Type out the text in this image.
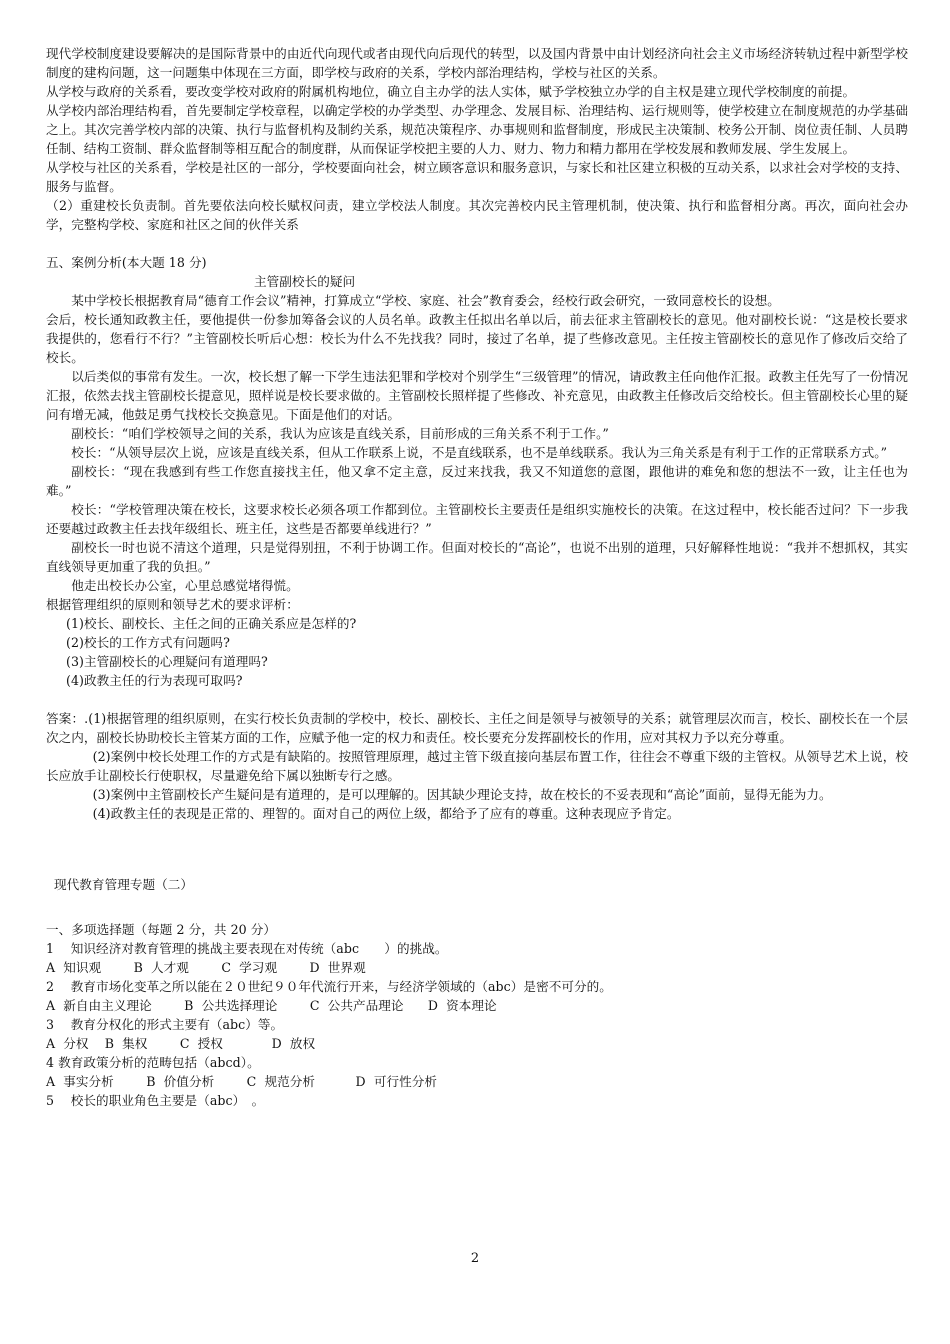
现代学校制度建设要解决的是国际背景中的由近代向现代或者由现代向后现代的转型，以及国内背景中由计划经济向社会主义市场经济转轨过程中新型学校制度的建构问题，这一问题集中体现在三方面，即学校与政府的关系，学校内部治理结构，学校与社区的关系。

从学校与政府的关系看，要改变学校对政府的附属机构地位，确立自主办学的法人实体，赋予学校独立办学的自主权是建立现代学校制度的前提。

从学校内部治理结构看，首先要制定学校章程，以确定学校的办学类型、办学理念、发展目标、治理结构、运行规则等，使学校建立在制度规范的办学基础之上。其次完善学校内部的决策、执行与监督机构及制约关系，规范决策程序、办事规则和监督制度，形成民主决策制、校务公开制、岗位责任制、人员聘任制、结构工资制、群众监督制等相互配合的制度群，从而保证学校把主要的人力、财力、物力和精力都用在学校发展和教师发展、学生发展上。

从学校与社区的关系看，学校是社区的一部分，学校要面向社会，树立顾客意识和服务意识，与家长和社区建立积极的互动关系，以求社会对学校的支持、服务与监督。

（2）重建校长负责制。首先要依法向校长赋权问责，建立学校法人制度。其次完善校内民主管理机制，使决策、执行和监督相分离。再次，面向社会办学，完整构学校、家庭和社区之间的伙伴关系

五、案例分析(本大题 18 分)

主管副校长的疑问

某中学校长根据教育局“德育工作会议”精神，打算成立“学校、家庭、社会”教育委会，经校行政会研究，一致同意校长的设想。

会后，校长通知政教主任，要他提供一份参加筹备会议的人员名单。政教主任拟出名单以后，前去征求主管副校长的意见。他对副校长说：“这是校长要求我提供的，您看行不行？”主管副校长听后心想：校长为什么不先找我？同时，接过了名单，提了些修改意见。主任按主管副校长的意见作了修改后交给了校长。

以后类似的事常有发生。一次，校长想了解一下学生违法犯罪和学校对个别学生“三级管理”的情况，请政教主任向他作汇报。政教主任先写了一份情况汇报，依然去找主管副校长提意见，照样说是校长要求做的。主管副校长照样提了些修改、补充意见，由政教主任修改后交给校长。但主管副校长心里的疑问有增无减，他鼓足勇气找校长交换意见。下面是他们的对话。

副校长：“咱们学校领导之间的关系，我认为应该是直线关系，目前形成的三角关系不利于工作。”

校长：“从领导层次上说，应该是直线关系，但从工作联系上说，不是直线联系，也不是单线联系。我认为三角关系是有利于工作的正常联系方式。”

副校长：“现在我感到有些工作您直接找主任，他又拿不定主意，反过来找我，我又不知道您的意图，跟他讲的难免和您的想法不一致，让主任也为难。”

校长：“学校管理决策在校长，这要求校长必须各项工作都到位。主管副校长主要责任是组织实施校长的决策。在这过程中，校长能否过问？下一步我还要越过政教主任去找年级组长、班主任，这些是否都要单线进行？”

副校长一时也说不清这个道理，只是觉得别扭，不利于协调工作。但面对校长的“高论”，也说不出别的道理，只好解释性地说：“我并不想抓权，其实直线领导更加重了我的负担。”

他走出校长办公室，心里总感觉堵得慌。

根据管理组织的原则和领导艺术的要求评析：

(1)校长、副校长、主任之间的正确关系应是怎样的?

(2)校长的工作方式有问题吗?

(3)主管副校长的心理疑问有道理吗?

(4)政教主任的行为表现可取吗?

答案：.(1)根据管理的组织原则，在实行校长负责制的学校中，校长、副校长、主任之间是领导与被领导的关系；就管理层次而言，校长、副校长在一个层次之内，副校长协助校长主管某方面的工作，应赋予他一定的权力和责任。校长要充分发挥副校长的作用，应对其权力予以充分尊重。

(2)案例中校长处理工作的方式是有缺陷的。按照管理原理，越过主管下级直接向基层布置工作，往往会不尊重下级的主管权。从领导艺术上说，校长应放手让副校长行使职权，尽量避免给下属以独断专行之感。

(3)案例中主管副校长产生疑问是有道理的，是可以理解的。因其缺少理论支持，故在校长的不妥表现和“高论”面前，显得无能为力。

(4)政教主任的表现是正常的、理智的。面对自己的两位上级，都给予了应有的尊重。这种表现应予肯定。

现代教育管理专题（二）

一、多项选择题（每题 2 分，共 20 分）

1　 知识经济对教育管理的挑战主要表现在对传统（abc　　）的挑战。

A  知识观        B  人才观        C  学习观        D  世界观

2　 教育市场化变革之所以能在２０世纪９０年代流行开来，与经济学领域的（abc）是密不可分的。

A  新自由主义理论        B  公共选择理论        C  公共产品理论      D  资本理论

3　 教育分权化的形式主要有（abc）等。

A  分权    B  集权        C  授权            D  放权

4 教育政策分析的范畴包括（abcd）。

A  事实分析        B  价值分析        C  规范分析          D  可行性分析

5　 校长的职业角色主要是（abc）　。

2
